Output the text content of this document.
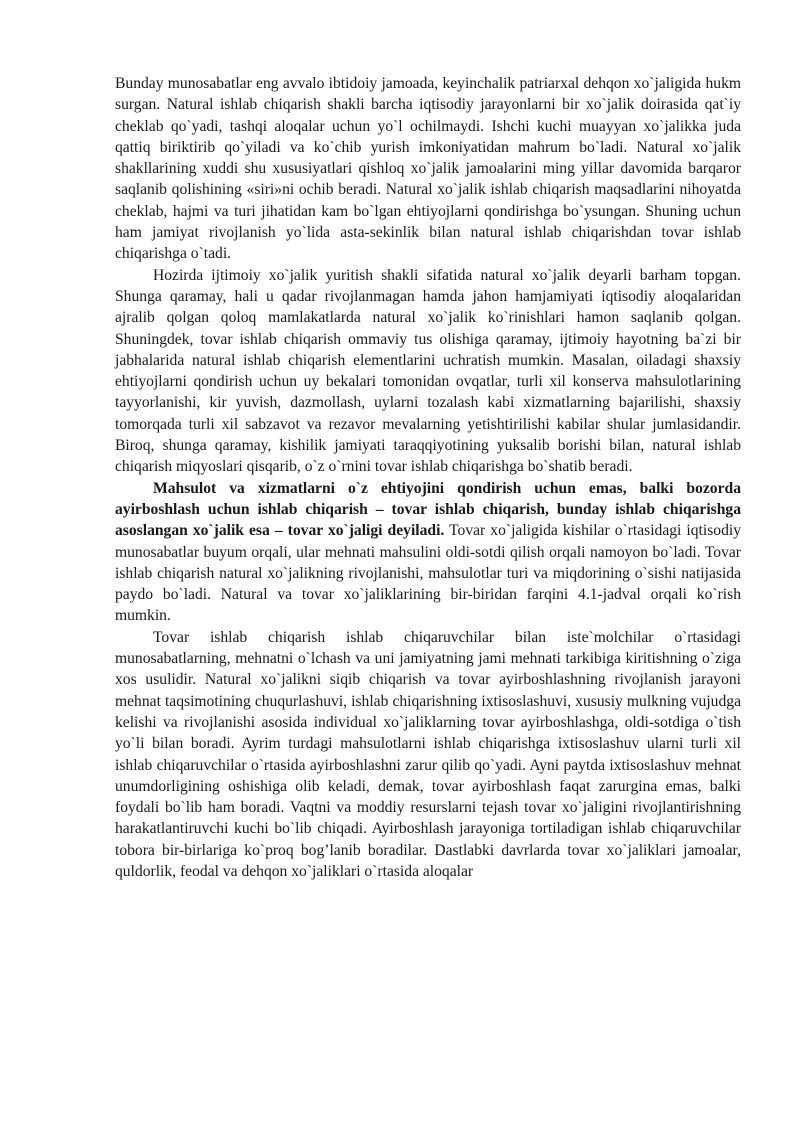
Bunday munosabatlar eng avvalo ibtidoiy jamoada, keyinchalik patriarxal dehqon xo`jaligida hukm surgan. Natural ishlab chiqarish shakli barcha iqtisodiy jarayonlarni bir xo`jalik doirasida qat`iy cheklab qo`yadi, tashqi aloqalar uchun yo`l ochilmaydi. Ishchi kuchi muayyan xo`jalikka juda qattiq biriktirib qo`yiladi va ko`chib yurish imkoniyatidan mahrum bo`ladi. Natural xo`jalik shakllarining xuddi shu xususiyatlari qishloq xo`jalik jamoalarini ming yillar davomida barqaror saqlanib qolishining «siri»ni ochib beradi. Natural xo`jalik ishlab chiqarish maqsadlarini nihoyatda cheklab, hajmi va turi jihatidan kam bo`lgan ehtiyojlarni qondirishga bo`ysungan. Shuning uchun ham jamiyat rivojlanish yo`lida asta-sekinlik bilan natural ishlab chiqarishdan tovar ishlab chiqarishga o`tadi.

Hozirda ijtimoiy xo`jalik yuritish shakli sifatida natural xo`jalik deyarli barham topgan. Shunga qaramay, hali u qadar rivojlanmagan hamda jahon hamjamiyati iqtisodiy aloqalaridan ajralib qolgan qoloq mamlakatlarda natural xo`jalik ko`rinishlari hamon saqlanib qolgan. Shuningdek, tovar ishlab chiqarish ommaviy tus olishiga qaramay, ijtimoiy hayotning ba`zi bir jabhalarida natural ishlab chiqarish elementlarini uchratish mumkin. Masalan, oiladagi shaxsiy ehtiyojlarni qondirish uchun uy bekalari tomonidan ovqatlar, turli xil konserva mahsulotlarining tayyorlanishi, kir yuvish, dazmollash, uylarni tozalash kabi xizmatlarning bajarilishi, shaxsiy tomorqada turli xil sabzavot va rezavor mevalarning yetishtirilishi kabilar shular jumlasidandir. Biroq, shunga qaramay, kishilik jamiyati taraqqiyotining yuksalib borishi bilan, natural ishlab chiqarish miqyoslari qisqarib, o`z o`rnini tovar ishlab chiqarishga bo`shatib beradi.

Mahsulot va xizmatlarni o`z ehtiyojini qondirish uchun emas, balki bozorda ayirboshlash uchun ishlab chiqarish – tovar ishlab chiqarish, bunday ishlab chiqarishga asoslangan xo`jalik esa – tovar xo`jaligi deyiladi. Tovar xo`jaligida kishilar o`rtasidagi iqtisodiy munosabatlar buyum orqali, ular mehnati mahsulini oldi-sotdi qilish orqali namoyon bo`ladi. Tovar ishlab chiqarish natural xo`jalikning rivojlanishi, mahsulotlar turi va miqdorining o`sishi natijasida paydo bo`ladi. Natural va tovar xo`jaliklarining bir-biridan farqini 4.1-jadval orqali ko`rish mumkin.

Tovar ishlab chiqarish ishlab chiqaruvchilar bilan iste`molchilar o`rtasidagi munosabatlarning, mehnatni o`lchash va uni jamiyatning jami mehnati tarkibiga kiritishning o`ziga xos usulidir. Natural xo`jalikni siqib chiqarish va tovar ayirboshlashning rivojlanish jarayoni mehnat taqsimotining chuqurlashuvi, ishlab chiqarishning ixtisoslashuvi, xususiy mulkning vujudga kelishi va rivojlanishi asosida individual xo`jaliklarning tovar ayirboshlashga, oldi-sotdiga o`tish yo`li bilan boradi. Ayrim turdagi mahsulotlarni ishlab chiqarishga ixtisoslashuv ularni turli xil ishlab chiqaruvchilar o`rtasida ayirboshlashni zarur qilib qo`yadi. Ayni paytda ixtisoslashuv mehnat unumdorligining oshishiga olib keladi, demak, tovar ayirboshlash faqat zarurgina emas, balki foydali bo`lib ham boradi. Vaqtni va moddiy resurslarni tejash tovar xo`jaligini rivojlantirishning harakatlantiruvchi kuchi bo`lib chiqadi. Ayirboshlash jarayoniga tortiladigan ishlab chiqaruvchilar tobora bir-birlariga ko`proq bog’lanib boradilar. Dastlabki davrlarda tovar xo`jaliklari jamoalar, quldorlik, feodal va dehqon xo`jaliklari o`rtasida aloqalar
